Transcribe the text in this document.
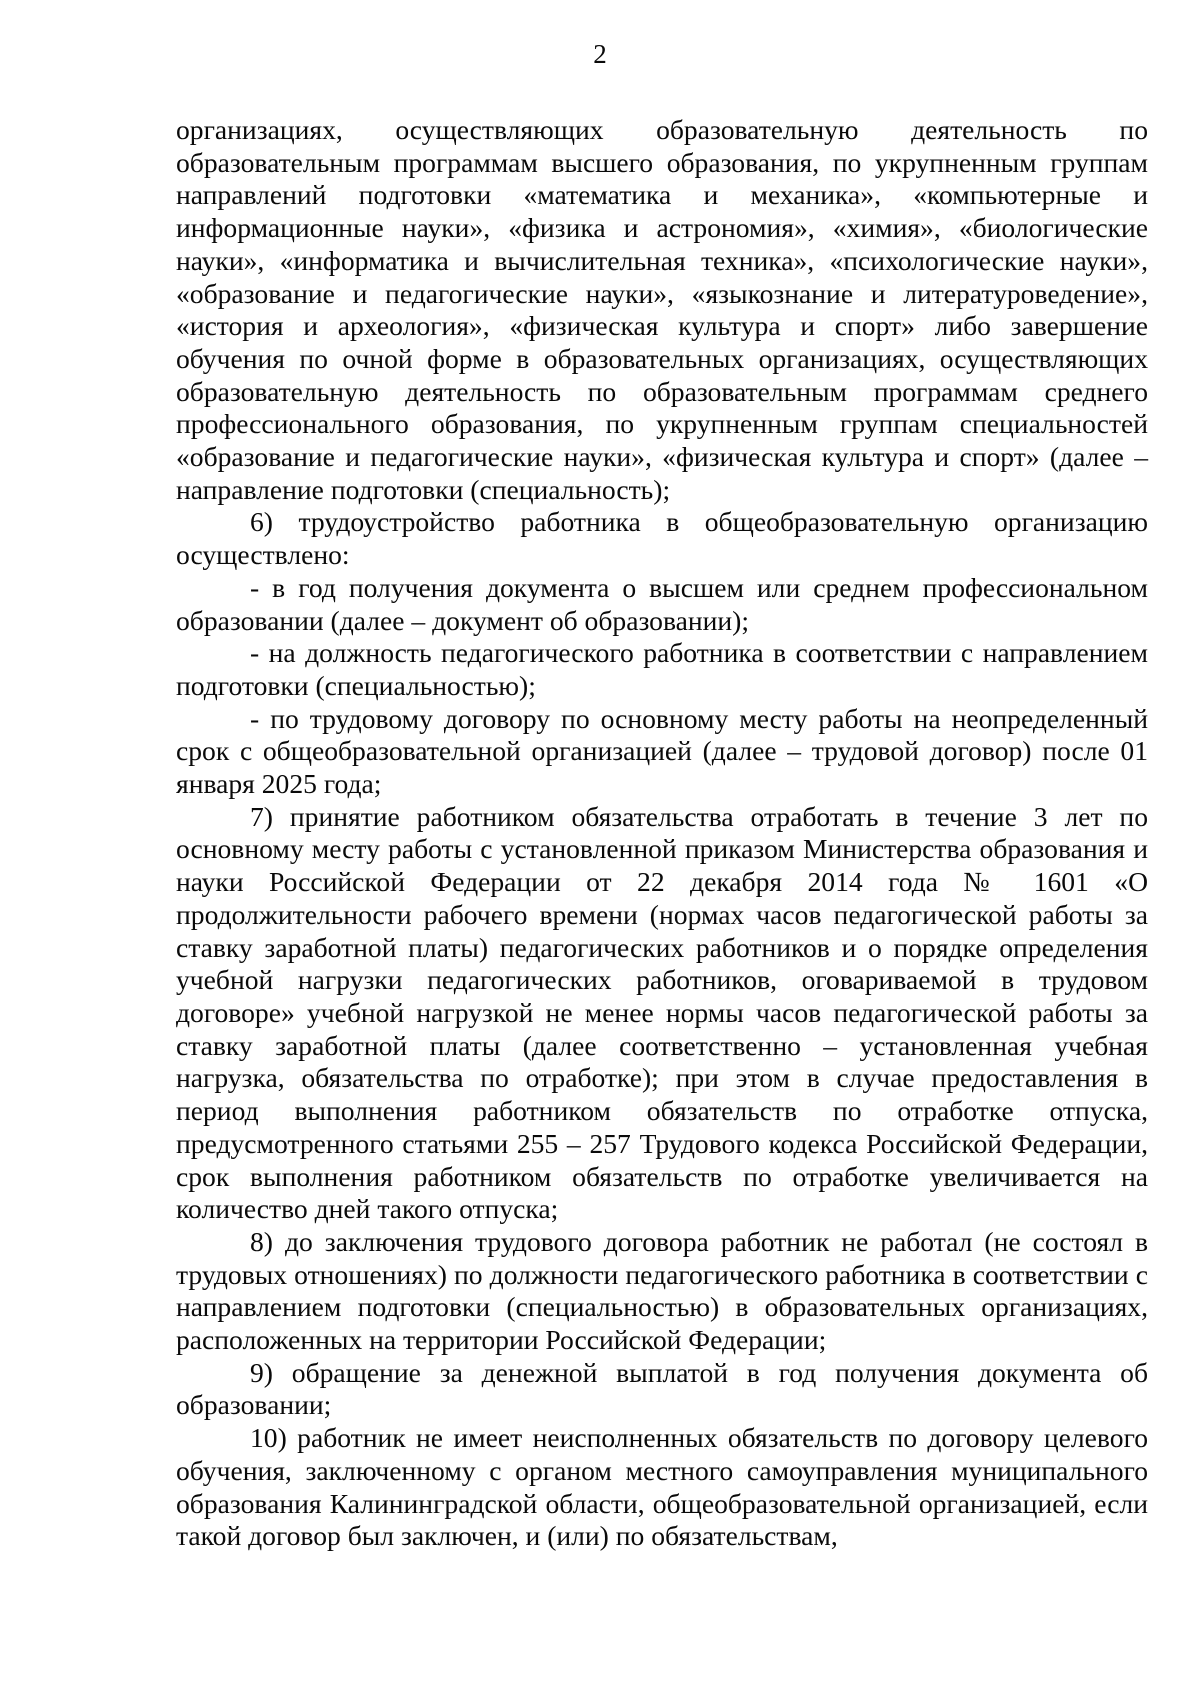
2

организациях, осуществляющих образовательную деятельность по образовательным программам высшего образования, по укрупненным группам направлений подготовки «математика и механика», «компьютерные и информационные науки», «физика и астрономия», «химия», «биологические науки», «информатика и вычислительная техника», «психологические науки», «образование и педагогические науки», «языкознание и литературоведение», «история и археология», «физическая культура и спорт» либо завершение обучения по очной форме в образовательных организациях, осуществляющих образовательную деятельность по образовательным программам среднего профессионального образования, по укрупненным группам специальностей «образование и педагогические науки», «физическая культура и спорт» (далее – направление подготовки (специальность);

6) трудоустройство работника в общеобразовательную организацию осуществлено:

- в год получения документа о высшем или среднем профессиональном образовании (далее – документ об образовании);

- на должность педагогического работника в соответствии с направлением подготовки (специальностью);

- по трудовому договору по основному месту работы на неопределенный срок с общеобразовательной организацией (далее – трудовой договор) после 01 января 2025 года;

7) принятие работником обязательства отработать в течение 3 лет по основному месту работы с установленной приказом Министерства образования и науки Российской Федерации от 22 декабря 2014 года № 1601 «О продолжительности рабочего времени (нормах часов педагогической работы за ставку заработной платы) педагогических работников и о порядке определения учебной нагрузки педагогических работников, оговариваемой в трудовом договоре» учебной нагрузкой не менее нормы часов педагогической работы за ставку заработной платы (далее соответственно – установленная учебная нагрузка, обязательства по отработке); при этом в случае предоставления в период выполнения работником обязательств по отработке отпуска, предусмотренного статьями 255 – 257 Трудового кодекса Российской Федерации, срок выполнения работником обязательств по отработке увеличивается на количество дней такого отпуска;

8) до заключения трудового договора работник не работал (не состоял в трудовых отношениях) по должности педагогического работника в соответствии с направлением подготовки (специальностью) в образовательных организациях, расположенных на территории Российской Федерации;

9) обращение за денежной выплатой в год получения документа об образовании;

10) работник не имеет неисполненных обязательств по договору целевого обучения, заключенному с органом местного самоуправления муниципального образования Калининградской области, общеобразовательной организацией, если такой договор был заключен, и (или) по обязательствам,
